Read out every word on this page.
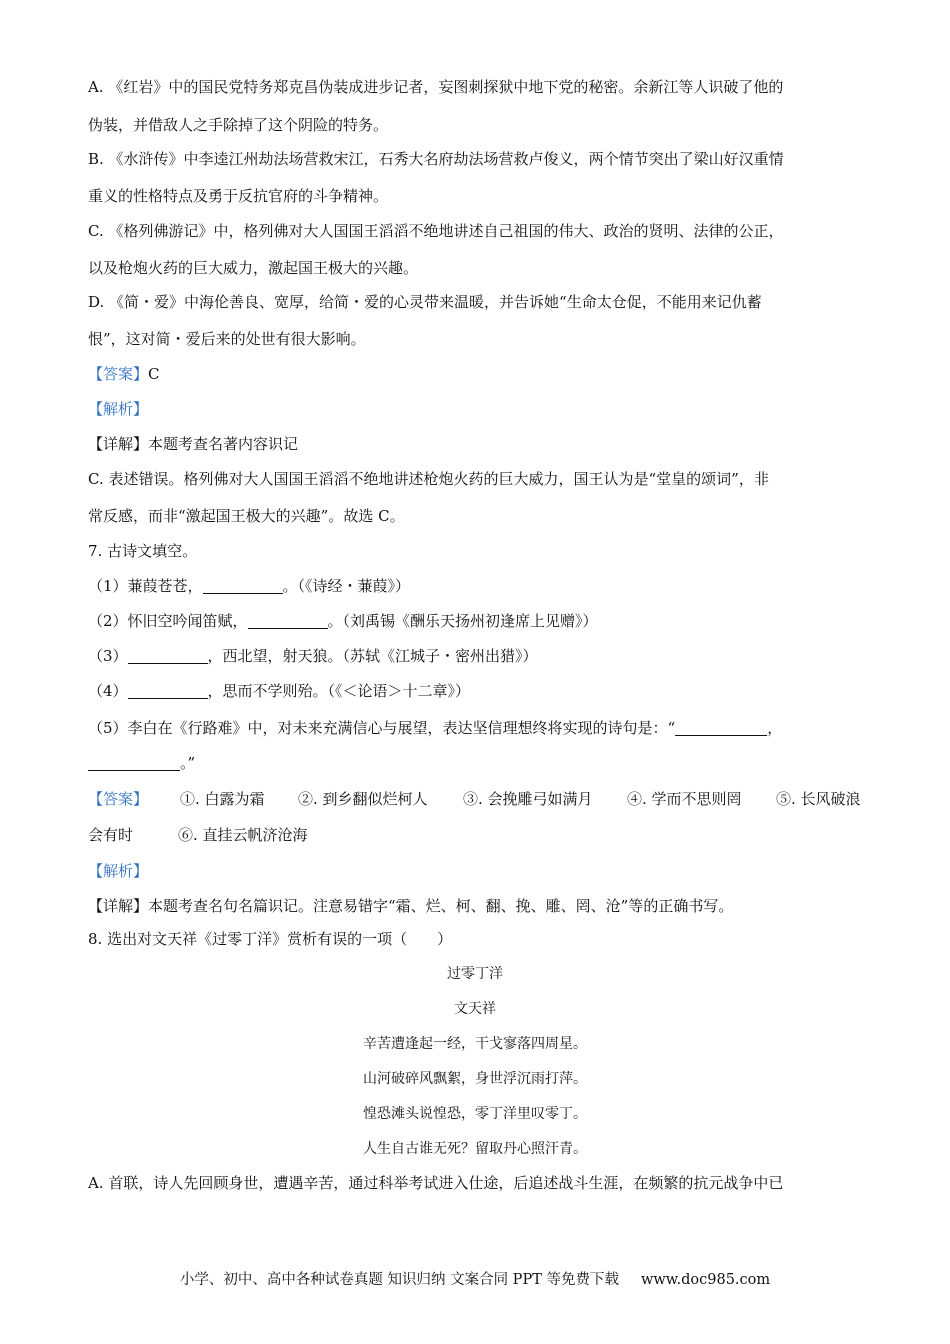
A. 《红岩》中的国民党特务郑克昌伪装成进步记者，妄图刺探狱中地下党的秘密。余新江等人识破了他的
伪装，并借敌人之手除掉了这个阴险的特务。
B. 《水浒传》中李逵江州劫法场营救宋江，石秀大名府劫法场营救卢俊义，两个情节突出了梁山好汉重情
重义的性格特点及勇于反抗官府的斗争精神。
C. 《格列佛游记》中，格列佛对大人国国王滔滔不绝地讲述自己祖国的伟大、政治的贤明、法律的公正，
以及枪炮火药的巨大威力，激起国王极大的兴趣。
D. 《简・爱》中海伦善良、宽厚，给简・爱的心灵带来温暖，并告诉她“生命太仓促，不能用来记仇蓄
恨”，这对简・爱后来的处世有很大影响。
【答案】C
【解析】
【详解】本题考查名著内容识记
C. 表述错误。格列佛对大人国国王滔滔不绝地讲述枪炮火药的巨大威力，国王认为是“堂皇的颂词”，非
常反感，而非“激起国王极大的兴趣”。故选 C。
7. 古诗文填空。
（1）蒹葭苍苍，	。（《诗经・蒹葭》）
（2）怀旧空吟闻笛赋，	。（刘禹锡《酬乐天扬州初逢席上见赠》）
（3）	，西北望，射天狼。（苏轼《江城子・密州出猎》）
（4）	，思而不学则殆。（《＜论语＞十二章》）
（5）李白在《行路难》中，对未来充满信心与展望，表达坚信理想终将实现的诗句是：“	，
。”
【答案】 ①. 白露为霜 ②. 到乡翻似烂柯人 ③. 会挽雕弓如满月 ④. 学而不思则罔 ⑤. 长风破浪
会有时	⑥. 直挂云帆济沧海
【解析】
【详解】本题考查名句名篇识记。注意易错字“霜、烂、柯、翻、挽、雕、罔、沧”等的正确书写。
8. 选出对文天祥《过零丁洋》赏析有误的一项（　　）
过零丁洋
文天祥
辛苦遭逢起一经，干戈寥落四周星。
山河破碎风飘絮，身世浮沉雨打萍。
惶恐滩头说惶恐，零丁洋里叹零丁。
人生自古谁无死？留取丹心照汗青。
A. 首联，诗人先回顾身世，遭遇辛苦，通过科举考试进入仕途，后追述战斗生涯，在频繁的抗元战争中已
小学、初中、高中各种试卷真题 知识归纳 文案合同 PPT 等免费下载 www.doc985.com
